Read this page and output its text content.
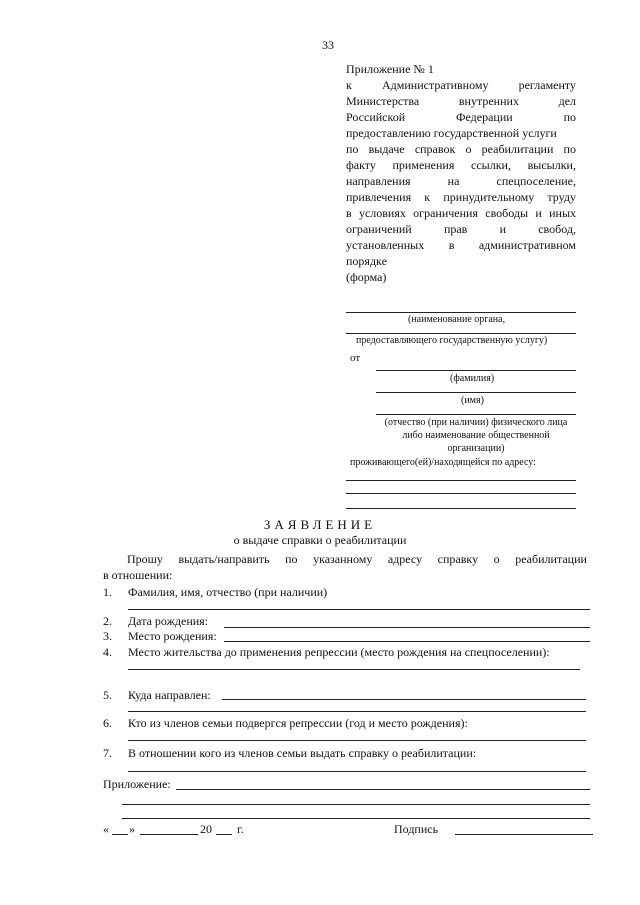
33
Приложение № 1
к	Административному	регламенту
Министерства	внутренних	дел
Российской	Федерации	по
предоставлению государственной услуги
по выдаче справок о реабилитации по
факту применения ссылки, высылки,
направления	на	спецпоселение,
привлечения к принудительному труду
в условиях ограничения свободы и иных
ограничений	прав	и	свобод,
установленных в административном
порядке
(форма)
(наименование органа,
предоставляющего государственную услугу)
от
(фамилия)
(имя)
(отчество (при наличии) физического лица
либо наименование общественной
организации)
проживающего(ей)/находящейся по адресу:
ЗАЯВЛЕНИЕ
о выдаче справки о реабилитации
Прошу выдать/направить по указанному адресу справку о реабилитации
в отношении:
1. Фамилия, имя, отчество (при наличии)
2. Дата рождения:
3. Место рождения:
4. Место жительства до применения репрессии (место рождения на спецпоселении):
5. Куда направлен:
6. Кто из членов семьи подвергся репрессии (год и место рождения):
7. В отношении кого из членов семьи выдать справку о реабилитации:
Приложение:
« »	20 г.	Подпись
